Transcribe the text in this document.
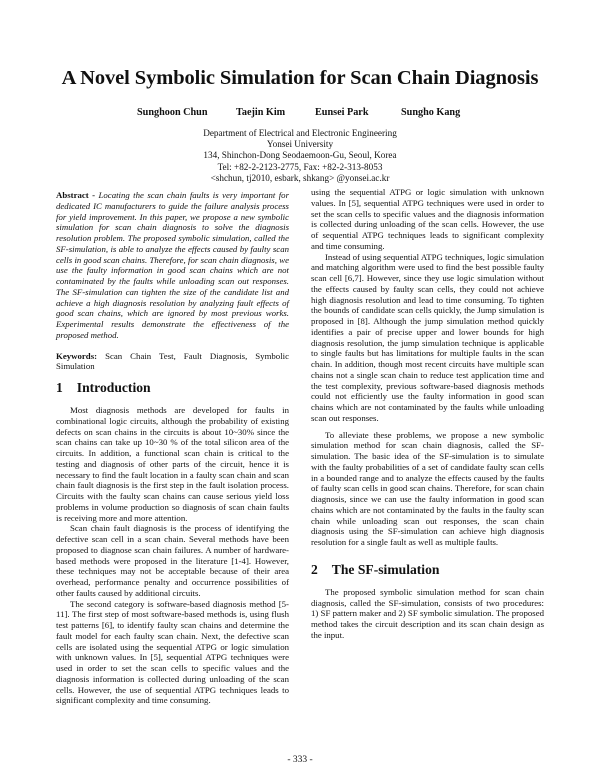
A Novel Symbolic Simulation for Scan Chain Diagnosis
Sunghoon Chun	Taejin Kim	Eunsei Park	Sungho Kang
Department of Electrical and Electronic Engineering
Yonsei University
134, Shinchon-Dong Seodaemoon-Gu, Seoul, Korea
Tel: +82-2-2123-2775, Fax: +82-2-313-8053
<shchun, tj2010, esbark, shkang> @yonsei.ac.kr

Abstract - Locating the scan chain faults is very important for dedicated IC manufacturers to guide the failure analysis process for yield improvement. In this paper, we propose a new symbolic simulation for scan chain diagnosis to solve the diagnosis resolution problem. The proposed symbolic simulation, called the SF-simulation, is able to analyze the effects caused by faulty scan cells in good scan chains. Therefore, for scan chain diagnosis, we use the faulty information in good scan chains which are not contaminated by the faults while unloading scan out responses. The SF-simulation can tighten the size of the candidate list and achieve a high diagnosis resolution by analyzing fault effects of good scan chains, which are ignored by most previous works. Experimental results demonstrate the effectiveness of the proposed method.

Keywords: Scan Chain Test, Fault Diagnosis, Symbolic Simulation

1 Introduction

Most diagnosis methods are developed for faults in combinational logic circuits, although the probability of existing defects on scan chains in the circuits is about 10~30% since the scan chains can take up 10~30 % of the total silicon area of the circuits. In addition, a functional scan chain is critical to the testing and diagnosis of other parts of the circuit, hence it is necessary to find the fault location in a faulty scan chain and scan chain fault diagnosis is the first step in the fault isolation process. Circuits with the faulty scan chains can cause serious yield loss problems in volume production so diagnosis of scan chain faults is receiving more and more attention.

Scan chain fault diagnosis is the process of identifying the defective scan cell in a scan chain. Several methods have been proposed to diagnose scan chain failures. A number of hardware-based methods were proposed in the literature [1-4]. However, these techniques may not be acceptable because of their area overhead, performance penalty and occurrence possibilities of other faults caused by additional circuits.

The second category is software-based diagnosis method [5-11]. The first step of most software-based methods is, using flush test patterns [6], to identify faulty scan chains and determine the fault model for each faulty scan chain. Next, the defective scan cells are isolated using the sequential ATPG or logic simulation with unknown values. In [5], sequential ATPG techniques were used in order to set the scan cells to specific values and the diagnosis information is collected during unloading of the scan cells. However, the use of sequential ATPG techniques leads to significant complexity and time consuming.

using the sequential ATPG or logic simulation with unknown values. In [5], sequential ATPG techniques were used in order to set the scan cells to specific values and the diagnosis information is collected during unloading of the scan cells. However, the use of sequential ATPG techniques leads to significant complexity and time consuming.

Instead of using sequential ATPG techniques, logic simulation and matching algorithm were used to find the best possible faulty scan cell [6,7]. However, since they use logic simulation without the effects caused by faulty scan cells, they could not achieve high diagnosis resolution and lead to time consuming. To tighten the bounds of candidate scan cells quickly, the Jump simulation is proposed in [8]. Although the jump simulation method quickly identifies a pair of precise upper and lower bounds for high diagnosis resolution, the jump simulation technique is applicable to single faults but has limitations for multiple faults in the scan chain. In addition, though most recent circuits have multiple scan chains not a single scan chain to reduce test application time and the test complexity, previous software-based diagnosis methods could not efficiently use the faulty information in good scan chains which are not contaminated by the faults while unloading scan out responses.

To alleviate these problems, we propose a new symbolic simulation method for scan chain diagnosis, called the SF-simulation. The basic idea of the SF-simulation is to simulate with the faulty probabilities of a set of candidate faulty scan cells in a bounded range and to analyze the effects caused by the faults of faulty scan cells in good scan chains. Therefore, for scan chain diagnosis, since we can use the faulty information in good scan chains which are not contaminated by the faults in the faulty scan chain while unloading scan out responses, the scan chain diagnosis using the SF-simulation can achieve high diagnosis resolution for a single fault as well as multiple faults.

2 The SF-simulation

The proposed symbolic simulation method for scan chain diagnosis, called the SF-simulation, consists of two procedures: 1) SF pattern maker and 2) SF symbolic simulation. The proposed method takes the circuit description and its scan chain design as the input.

- 333 -
